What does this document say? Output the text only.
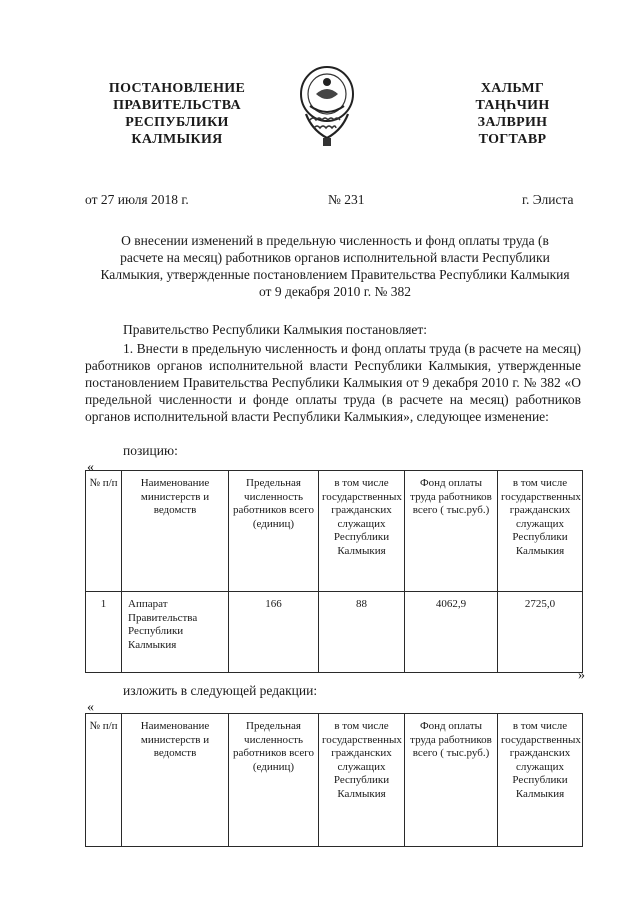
ПОСТАНОВЛЕНИЕ
ПРАВИТЕЛЬСТВА
РЕСПУБЛИКИ
КАЛМЫКИЯ
ХАЛЬМГ
ТАҢҺЧИН
ЗАЛВРИН
ТОГТАВР
от 27 июля 2018 г.	№ 231	г. Элиста
О внесении изменений в предельную численность и фонд оплаты труда (в расчете на месяц) работников органов исполнительной власти Республики Калмыкия, утвержденные постановлением Правительства Республики Калмыкия от 9 декабря 2010 г. № 382
Правительство Республики Калмыкия постановляет:
1. Внести в предельную численность и фонд оплаты труда (в расчете на месяц) работников органов исполнительной власти Республики Калмыкия, утвержденные постановлением Правительства Республики Калмыкия от 9 декабря 2010 г. № 382 «О предельной численности и фонде оплаты труда (в расчете на месяц) работников органов исполнительной власти Республики Калмыкия», следующее изменение:
позицию:
«
№ п/п	Наименование министерств и ведомств	Предельная численность работников всего (единиц)	в том числе государственных гражданских служащих Республики Калмыкия	Фонд оплаты труда работников всего ( тыс.руб.)	в том числе государственных гражданских служащих Республики Калмыкия
1	Аппарат Правительства Республики Калмыкия	166	88	4062,9	2725,0
»
изложить в следующей редакции:
«
№ п/п	Наименование министерств и ведомств	Предельная численность работников всего (единиц)	в том числе государственных гражданских служащих Республики Калмыкия	Фонд оплаты труда работников всего ( тыс.руб.)	в том числе государственных гражданских служащих Республики Калмыкия
